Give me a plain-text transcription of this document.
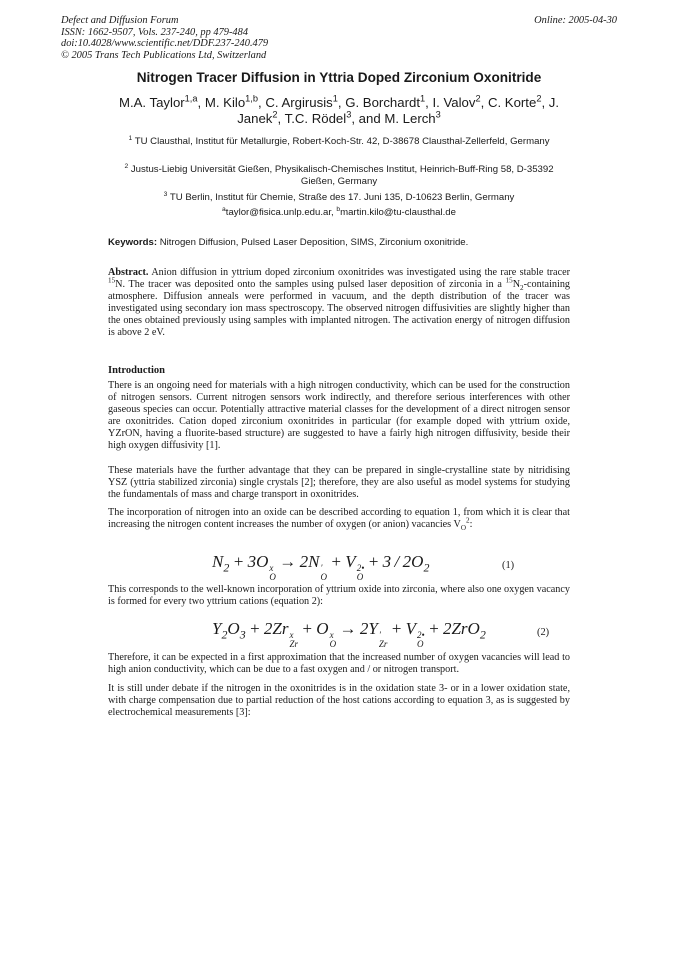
Defect and Diffusion Forum
ISSN: 1662-9507, Vols. 237-240, pp 479-484
doi:10.4028/www.scientific.net/DDF.237-240.479
© 2005 Trans Tech Publications Ltd, Switzerland
Online: 2005-04-30
Nitrogen Tracer Diffusion in Yttria Doped Zirconium Oxonitride
M.A. Taylor$^{1,a}$, M. Kilo$^{1,b}$, C. Argirusis$^1$, G. Borchardt$^1$, I. Valov$^2$, C. Korte$^2$, J. Janek$^2$, T.C. Rödel$^3$, and M. Lerch$^3$
$^1$ TU Clausthal, Institut für Metallurgie, Robert-Koch-Str. 42, D-38678 Clausthal-Zellerfeld, Germany
$^2$ Justus-Liebig Universität Gießen, Physikalisch-Chemisches Institut, Heinrich-Buff-Ring 58, D-35392 Gießen, Germany
$^3$ TU Berlin, Institut für Chemie, Straße des 17. Juni 135, D-10623 Berlin, Germany
$^a$taylor@fisica.unlp.edu.ar, $^b$martin.kilo@tu-clausthal.de
Keywords: Nitrogen Diffusion, Pulsed Laser Deposition, SIMS, Zirconium oxonitride.
Abstract. Anion diffusion in yttrium doped zirconium oxonitrides was investigated using the rare stable tracer $^{15}$N. The tracer was deposited onto the samples using pulsed laser deposition of zirconia in a $^{15}N_2$-containing atmosphere. Diffusion anneals were performed in vacuum, and the depth distribution of the tracer was investigated using secondary ion mass spectroscopy. The observed nitrogen diffusivities are slightly higher than the ones obtained previously using samples with implanted nitrogen. The activation energy of nitrogen diffusion is above 2 eV.
Introduction
There is an ongoing need for materials with a high nitrogen conductivity, which can be used for the construction of nitrogen sensors. Current nitrogen sensors work indirectly, and therefore serious interferences with other gaseous species can occur. Potentially attractive material classes for the development of a direct nitrogen sensor are oxonitrides. Cation doped zirconium oxonitrides in particular (for example doped with yttrium oxide, YZrON, having a fluorite-based structure) are suggested to have a fairly high nitrogen diffusivity, beside their high oxygen diffusivity [1].
These materials have the further advantage that they can be prepared in single-crystalline state by nitridising YSZ (yttria stabilized zirconia) single crystals [2]; therefore, they are also useful as model systems for studying the fundamentals of mass and charge transport in oxonitrides.
The incorporation of nitrogen into an oxide can be described according to equation 1, from which it is clear that increasing the nitrogen content increases the number of oxygen (or anion) vacancies $V_O^2$:
$N_2 + 3O$ x
O
 → 2N ′
O
 + V 2•
O
 + $3 / 2O_2$	(1)
This corresponds to the well-known incorporation of yttrium oxide into zirconia, where also one oxygen vacancy is formed for every two yttrium cations (equation 2):
$Y_2O_3 + 2Zr$ x
Zr
 + O x
O
 → 2Y ′
Zr
 + V 2•
O
 + 2ZrO$_2$	(2)
Therefore, it can be expected in a first approximation that the increased number of oxygen vacancies will lead to high anion conductivity, which can be due to a fast oxygen and / or nitrogen transport.
It is still under debate if the nitrogen in the oxonitrides is in the oxidation state 3- or in a lower oxidation state, with charge compensation due to partial reduction of the host cations according to equation 3, as is suggested by electrochemical measurements [3]:
